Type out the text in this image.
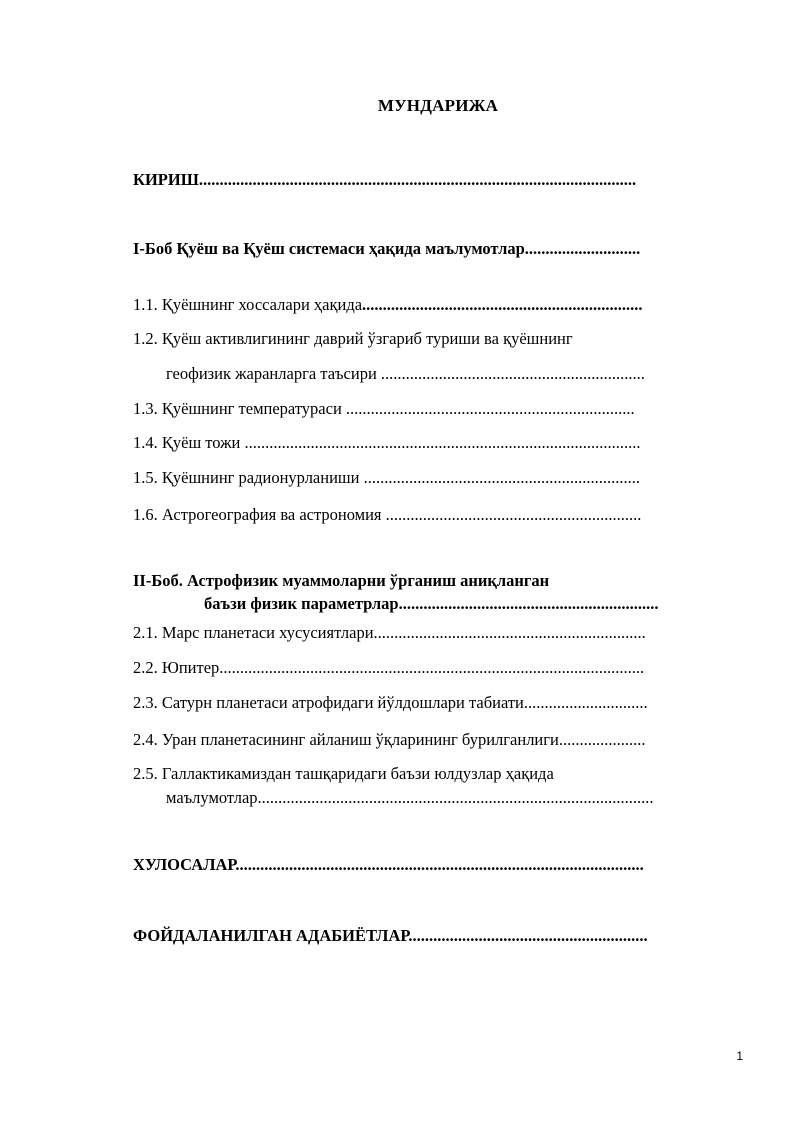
МУНДАРИЖА
КИРИШ..........................................................................................................
I-Боб Қуёш ва Қуёш системаси ҳақида маълумотлар............................
1.1. Қуёшнинг хоссалари ҳақида....................................................................
1.2. Қуёш активлигининг даврий ўзгариб туриши ва қуёшнинг
геофизик жаранларга таъсири ................................................................
1.3. Қуёшнинг температураси ......................................................................
1.4. Қуёш тожи ................................................................................................
1.5. Қуёшнинг радионурланиши ...................................................................
1.6. Астрогеография ва астрономия ..............................................................
II-Боб. Астрофизик муаммоларни ўрганиш аниқланган
баъзи физик параметрлар...............................................................
2.1. Марс планетаси хусусиятлари..................................................................
2.2. Юпитер.......................................................................................................
2.3. Сатурн планетаси атрофидаги йўлдошлари табиати..............................
2.4. Уран планетасининг айланиш ўқларининг бурилганлиги.....................
2.5. Галлактикамиздан ташқаридаги баъзи юлдузлар ҳақида
маълумотлар................................................................................................
ХУЛОСАЛАР...................................................................................................
ФОЙДАЛАНИЛГАН АДАБИЁТЛАР..........................................................
1
